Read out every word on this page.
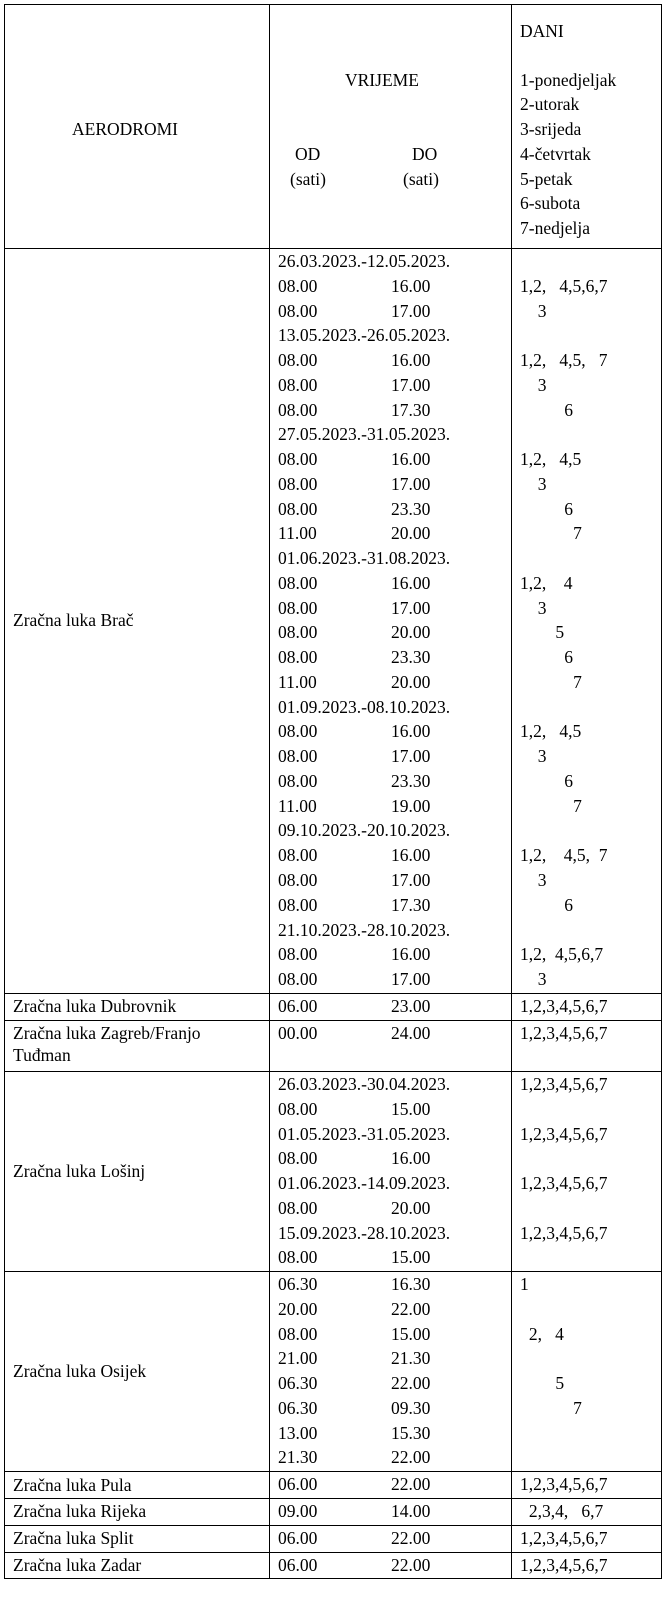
AERODROMI
VRIJEME
OD	DO
(sati)	(sati)
DANI
1-ponedjeljak
2-utorak
3-srijeda
4-četvrtak
5-petak
6-subota
7-nedjelja
Zračna luka Brač
26.03.2023.-12.05.2023.
08.00	16.00	1,2,   4,5,6,7
08.00	17.00	3
13.05.2023.-26.05.2023.
08.00	16.00	1,2,   4,5,   7
08.00	17.00	3
08.00	17.30	6
27.05.2023.-31.05.2023.
08.00	16.00	1,2,   4,5
08.00	17.00	3
08.00	23.30	6
11.00	20.00	7
01.06.2023.-31.08.2023.
08.00	16.00	1,2,    4
08.00	17.00	3
08.00	20.00	5
08.00	23.30	6
11.00	20.00	7
01.09.2023.-08.10.2023.
08.00	16.00	1,2,   4,5
08.00	17.00	3
08.00	23.30	6
11.00	19.00	7
09.10.2023.-20.10.2023.
08.00	16.00	1,2,    4,5,  7
08.00	17.00	3
08.00	17.30	6
21.10.2023.-28.10.2023.
08.00	16.00	1,2,  4,5,6,7
08.00	17.00	3
Zračna luka Dubrovnik	06.00	23.00	1,2,3,4,5,6,7
Zračna luka Zagreb/Franjo
Tuđman
00.00	24.00	1,2,3,4,5,6,7
Zračna luka Lošinj
26.03.2023.-30.04.2023.	1,2,3,4,5,6,7
08.00	15.00
01.05.2023.-31.05.2023.	1,2,3,4,5,6,7
08.00	16.00
01.06.2023.-14.09.2023.	1,2,3,4,5,6,7
08.00	20.00
15.09.2023.-28.10.2023.	1,2,3,4,5,6,7
08.00	15.00
Zračna luka Osijek
06.30	16.30	1
20.00	22.00
08.00	15.00	2,   4
21.00	21.30
06.30	22.00	5
06.30	09.30	7
13.00	15.30
21.30	22.00
Zračna luka Pula	06.00	22.00	1,2,3,4,5,6,7
Zračna luka Rijeka	09.00	14.00	2,3,4,   6,7
Zračna luka Split	06.00	22.00	1,2,3,4,5,6,7
Zračna luka Zadar	06.00	22.00	1,2,3,4,5,6,7
